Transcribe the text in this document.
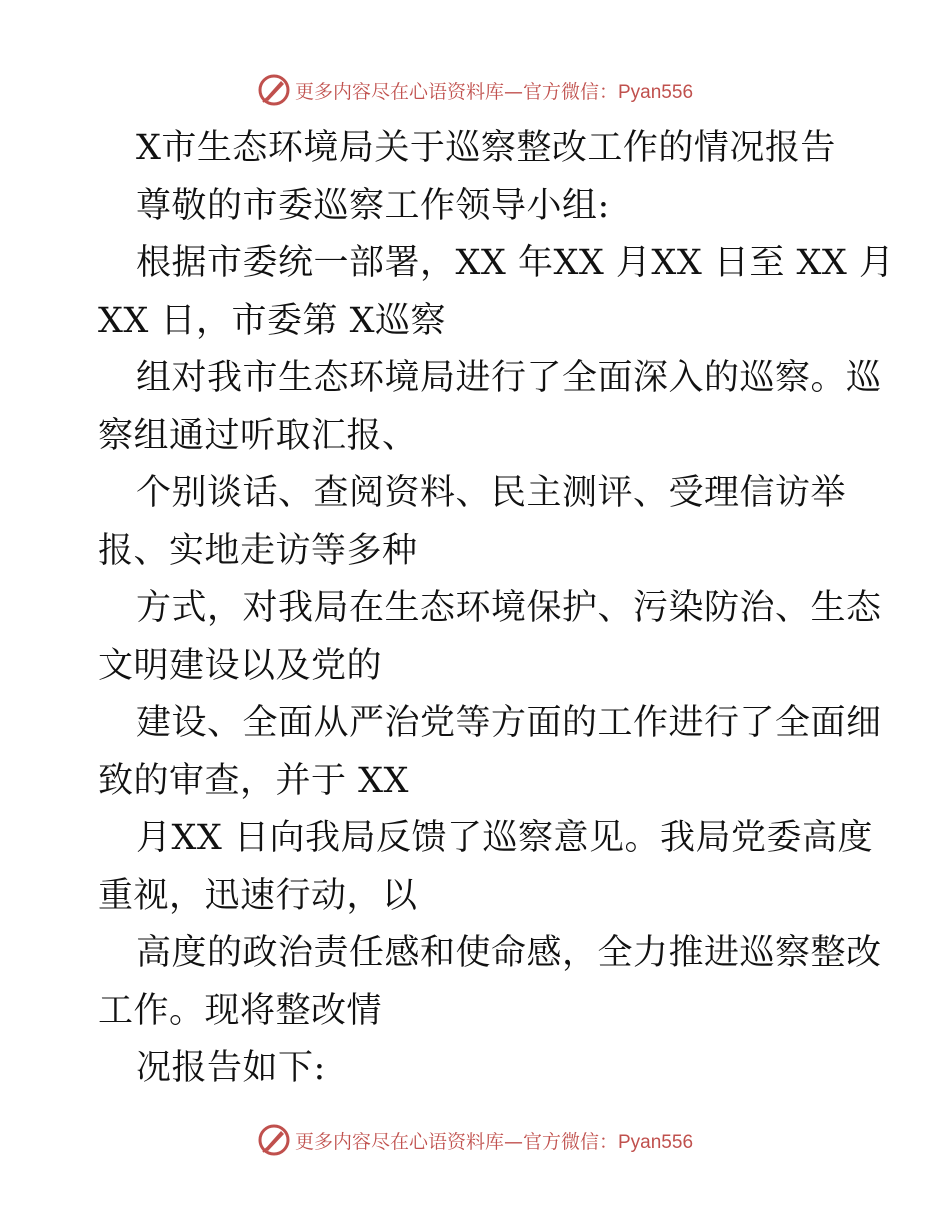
更多内容尽在心语资料库—官方微信：Pyan556
X市生态环境局关于巡察整改工作的情况报告
尊敬的市委巡察工作领导小组:
根据市委统一部署，XX 年XX 月XX 日至 XX 月
XX 日，市委第 X巡察
组对我市生态环境局进行了全面深入的巡察。巡
察组通过听取汇报、
个别谈话、查阅资料、民主测评、受理信访举
报、实地走访等多种
方式，对我局在生态环境保护、污染防治、生态
文明建设以及党的
建设、全面从严治党等方面的工作进行了全面细
致的审查，并于 XX
月XX 日向我局反馈了巡察意见。我局党委高度
重视，迅速行动，以
高度的政治责任感和使命感，全力推进巡察整改
工作。现将整改情
况报告如下:
更多内容尽在心语资料库—官方微信：Pyan556
